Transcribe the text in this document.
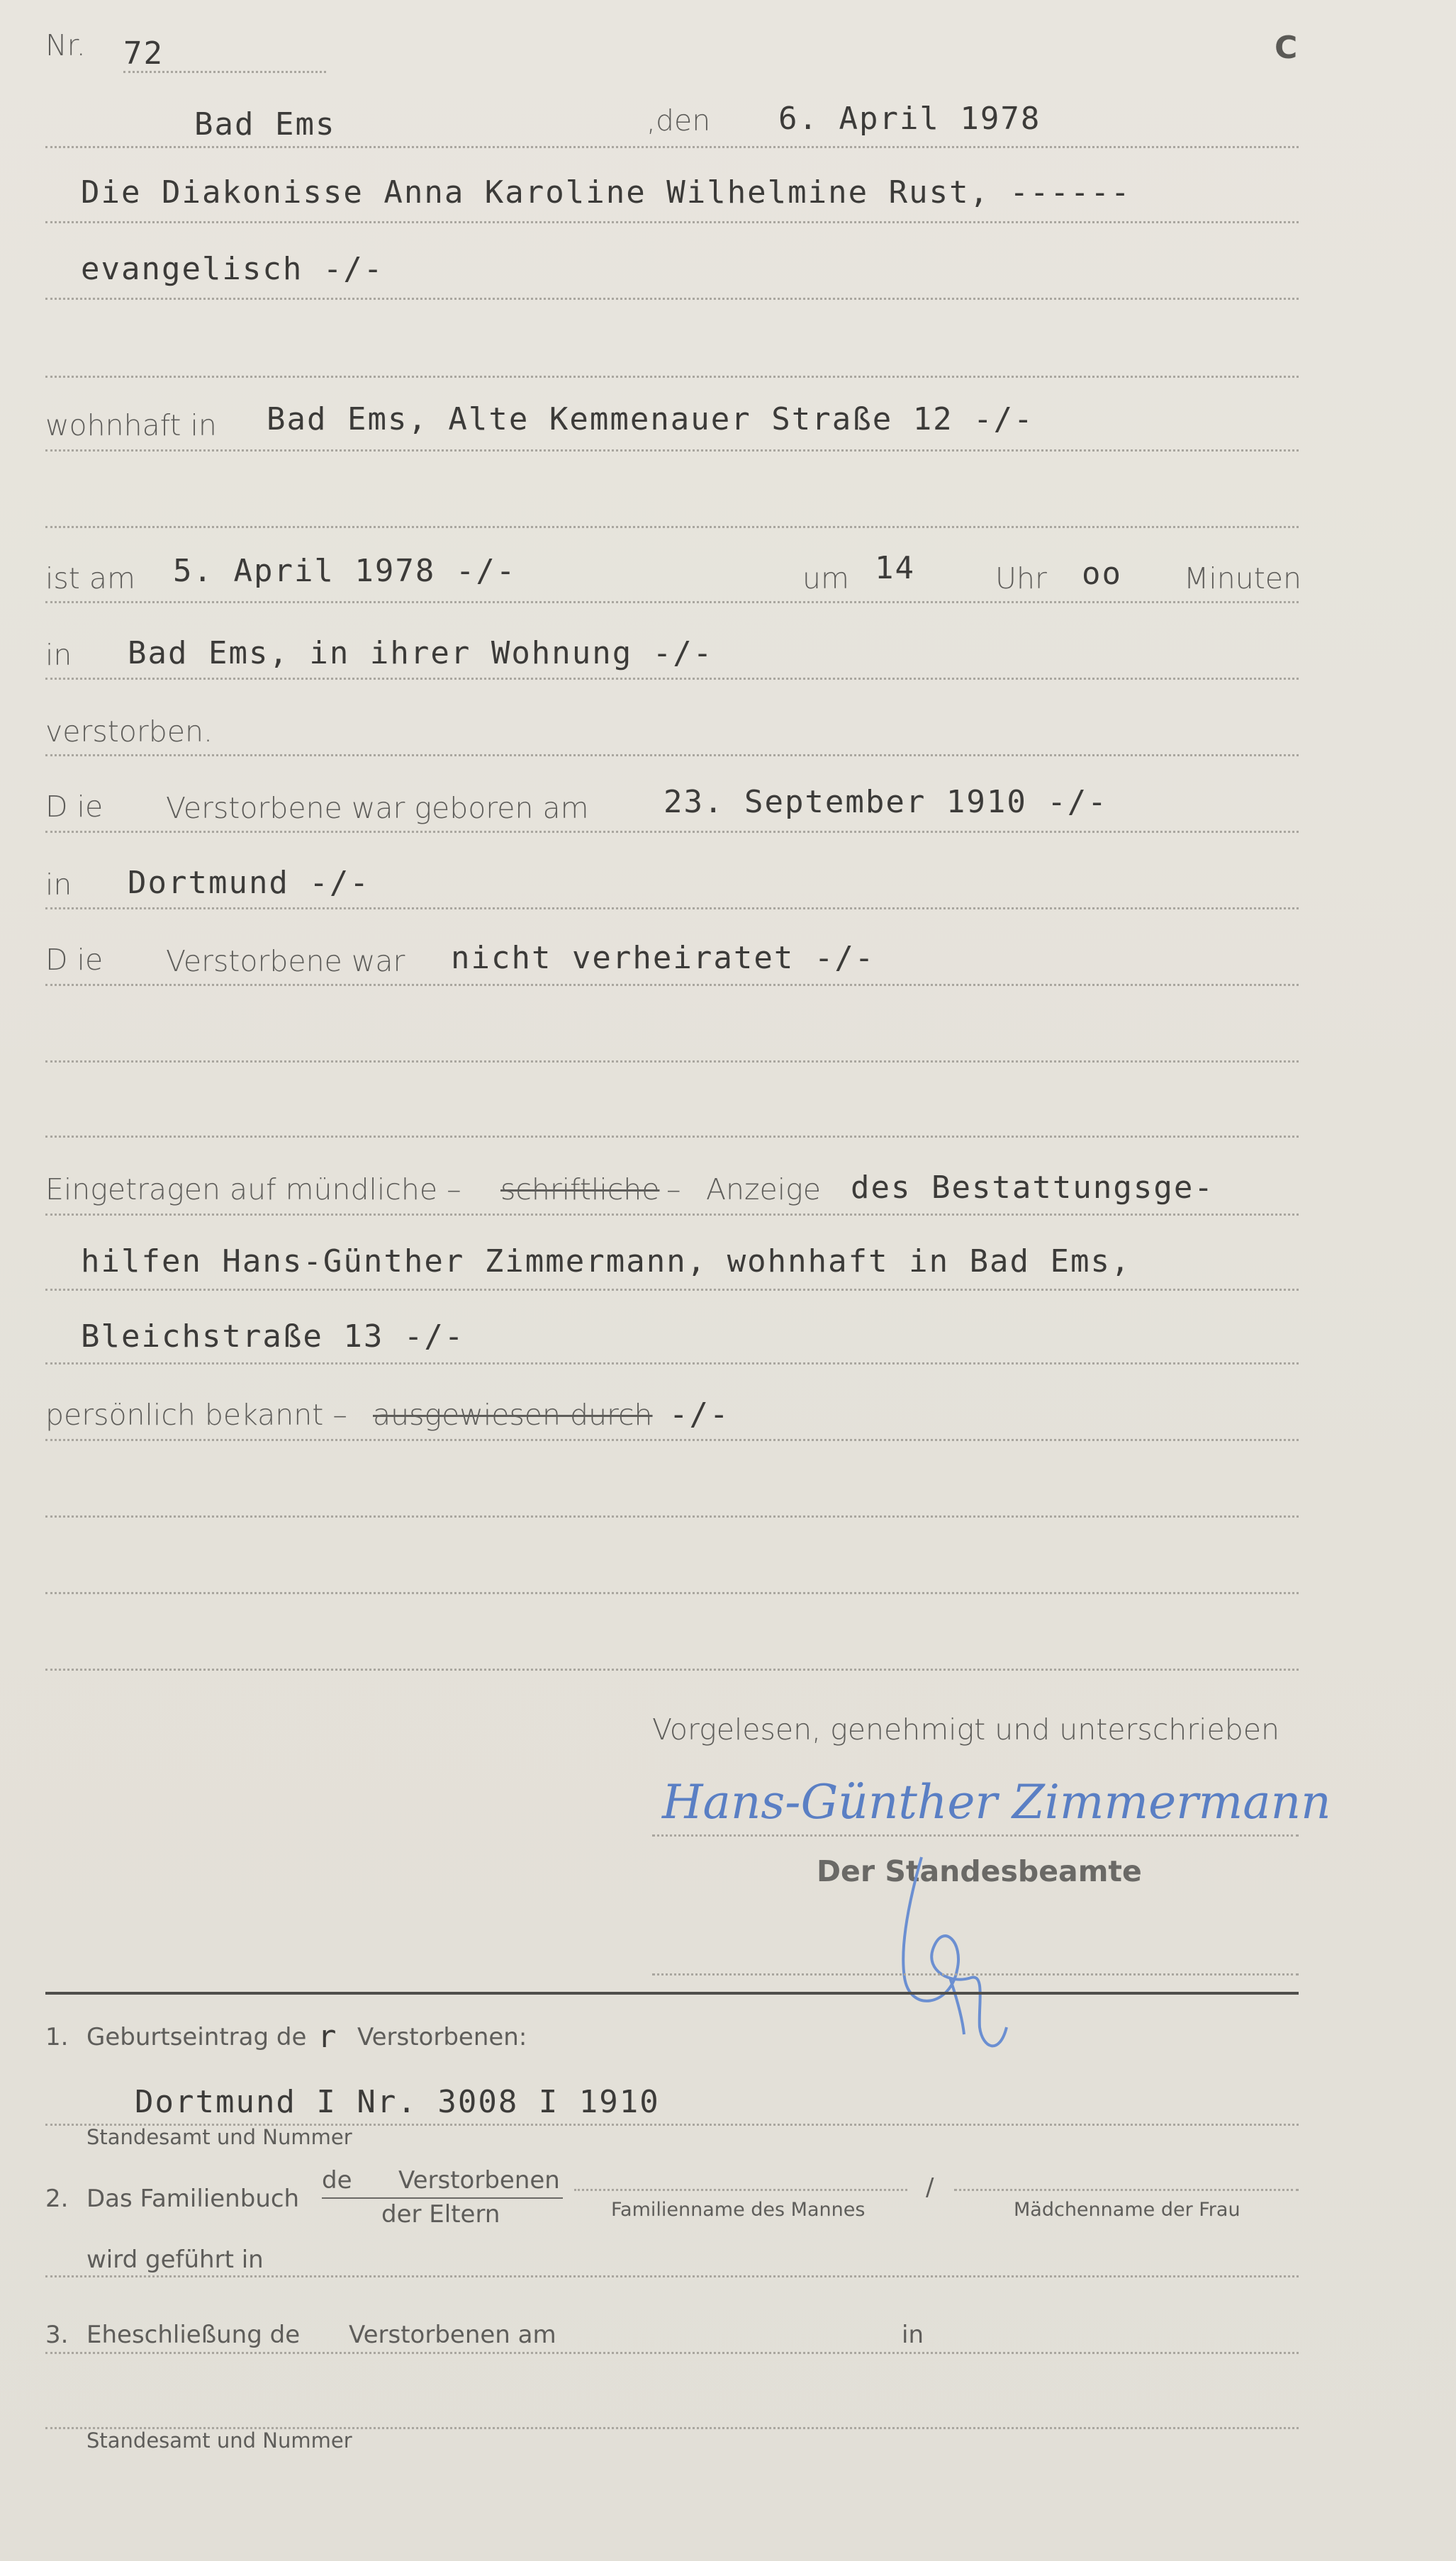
Nr. 72	C
Bad Ems	,den 6. April 1978
Die Diakonisse Anna Karoline Wilhelmine Rust, ------
evangelisch -/-
wohnhaft in Bad Ems, Alte Kemmenauer Straße 12 -/-
ist am 5. April 1978 -/-	um 14	Uhr oo Minuten
in Bad Ems, in ihrer Wohnung -/-
verstorben.
D ie Verstorbene war geboren am 23. September 1910 -/-
in Dortmund -/-
D ie Verstorbene war nicht verheiratet -/-
Eingetragen auf mündliche – schriftliche – Anzeige des Bestattungsge-
hilfen Hans-Günther Zimmermann, wohnhaft in Bad Ems,
Bleichstraße 13 -/-
persönlich bekannt – ausgewiesen durch -/-
Vorgelesen, genehmigt und unterschrieben
Hans-Günther Zimmermann
Der Standesbeamte
1. Geburtseintrag de r Verstorbenen:
Dortmund I Nr. 3008 I 1910
Standesamt und Nummer
2. Das Familienbuch
de Verstorbenen
der Eltern	Familienname des Mannes
/
Mädchenname der Frau
wird geführt in
3. Eheschließung de Verstorbenen am	in
Standesamt und Nummer
